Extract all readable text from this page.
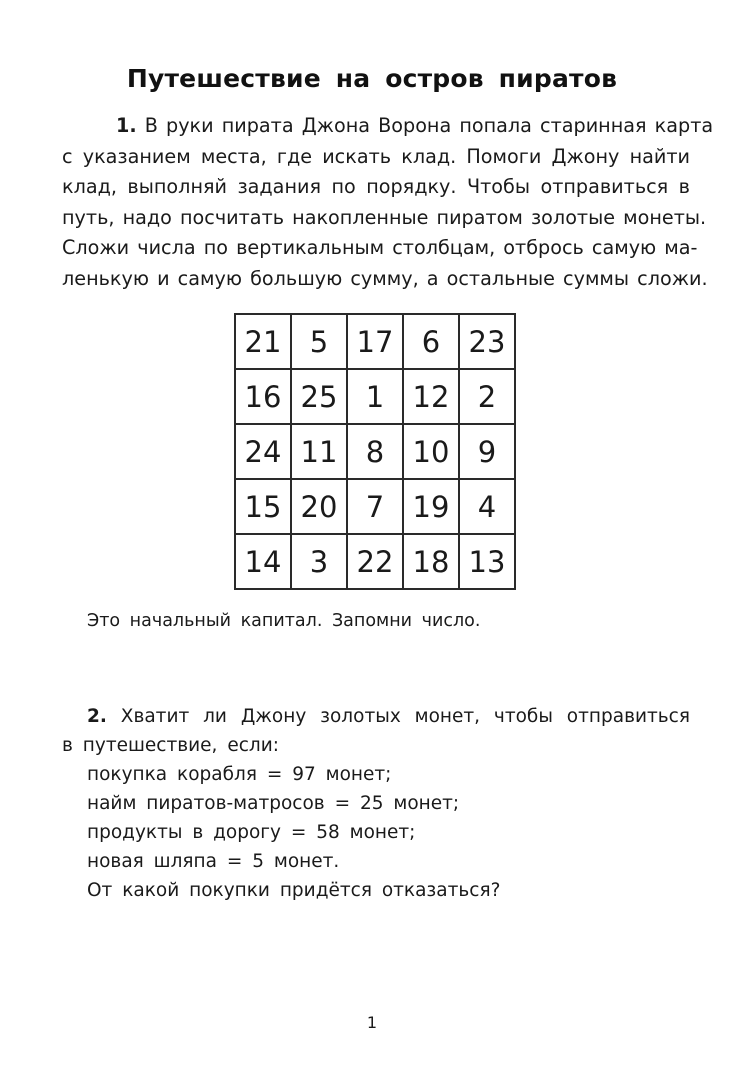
Путешествие на остров пиратов
1. В руки пирата Джона Ворона попала старинная карта
с указанием места, где искать клад. Помоги Джону найти
клад, выполняй задания по порядку. Чтобы отправиться в
путь, надо посчитать накопленные пиратом золотые монеты.
Сложи числа по вертикальным столбцам, отбрось самую ма-
ленькую и самую большую сумму, а остальные суммы сложи.
21	5	17	6	23
16	25	1	12	2
24	11	8	10	9
15	20	7	19	4
14	3	22	18	13
Это начальный капитал. Запомни число.
2. Хватит ли Джону золотых монет, чтобы отправиться
в путешествие, если:
покупка корабля = 97 монет;
найм пиратов-матросов = 25 монет;
продукты в дорогу = 58 монет;
новая шляпа = 5 монет.
От какой покупки придётся отказаться?
1
